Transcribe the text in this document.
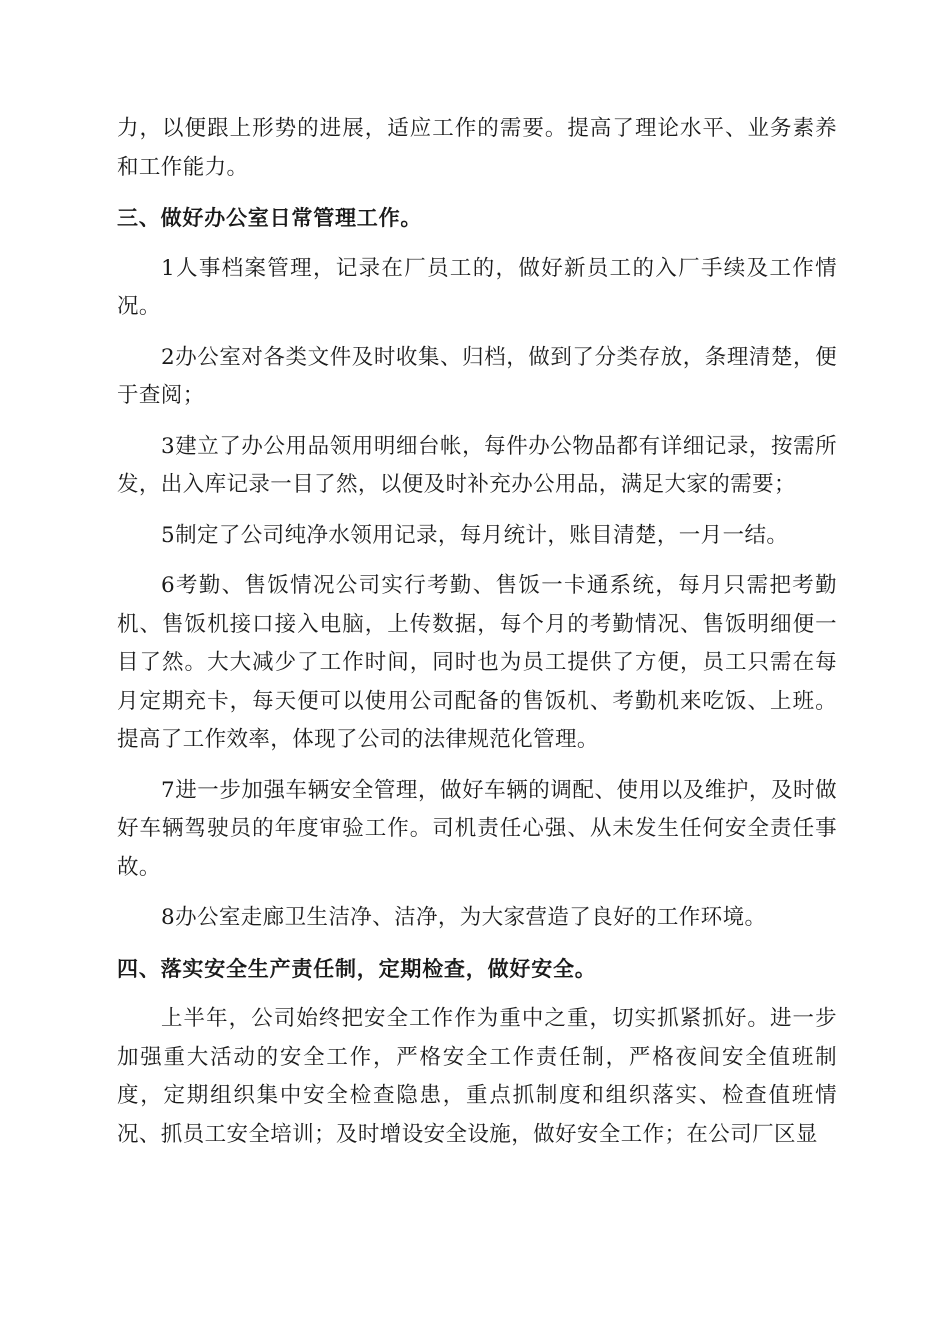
力，以便跟上形势的进展，适应工作的需要。提高了理论水平、业务素养和工作能力。

三、做好办公室日常管理工作。

1人事档案管理，记录在厂员工的，做好新员工的入厂手续及工作情况。

2办公室对各类文件及时收集、归档，做到了分类存放，条理清楚，便于查阅；

3建立了办公用品领用明细台帐，每件办公物品都有详细记录，按需所发，出入库记录一目了然，以便及时补充办公用品，满足大家的需要；

5制定了公司纯净水领用记录，每月统计，账目清楚，一月一结。

6考勤、售饭情况公司实行考勤、售饭一卡通系统，每月只需把考勤机、售饭机接口接入电脑，上传数据，每个月的考勤情况、售饭明细便一目了然。大大减少了工作时间，同时也为员工提供了方便，员工只需在每月定期充卡，每天便可以使用公司配备的售饭机、考勤机来吃饭、上班。提高了工作效率，体现了公司的法律规范化管理。

7进一步加强车辆安全管理，做好车辆的调配、使用以及维护，及时做好车辆驾驶员的年度审验工作。司机责任心强、从未发生任何安全责任事故。

8办公室走廊卫生洁净、洁净，为大家营造了良好的工作环境。

四、落实安全生产责任制，定期检查，做好安全。

上半年，公司始终把安全工作作为重中之重，切实抓紧抓好。进一步加强重大活动的安全工作，严格安全工作责任制，严格夜间安全值班制度，定期组织集中安全检查隐患，重点抓制度和组织落实、检查值班情况、抓员工安全培训；及时增设安全设施，做好安全工作；在公司厂区显
